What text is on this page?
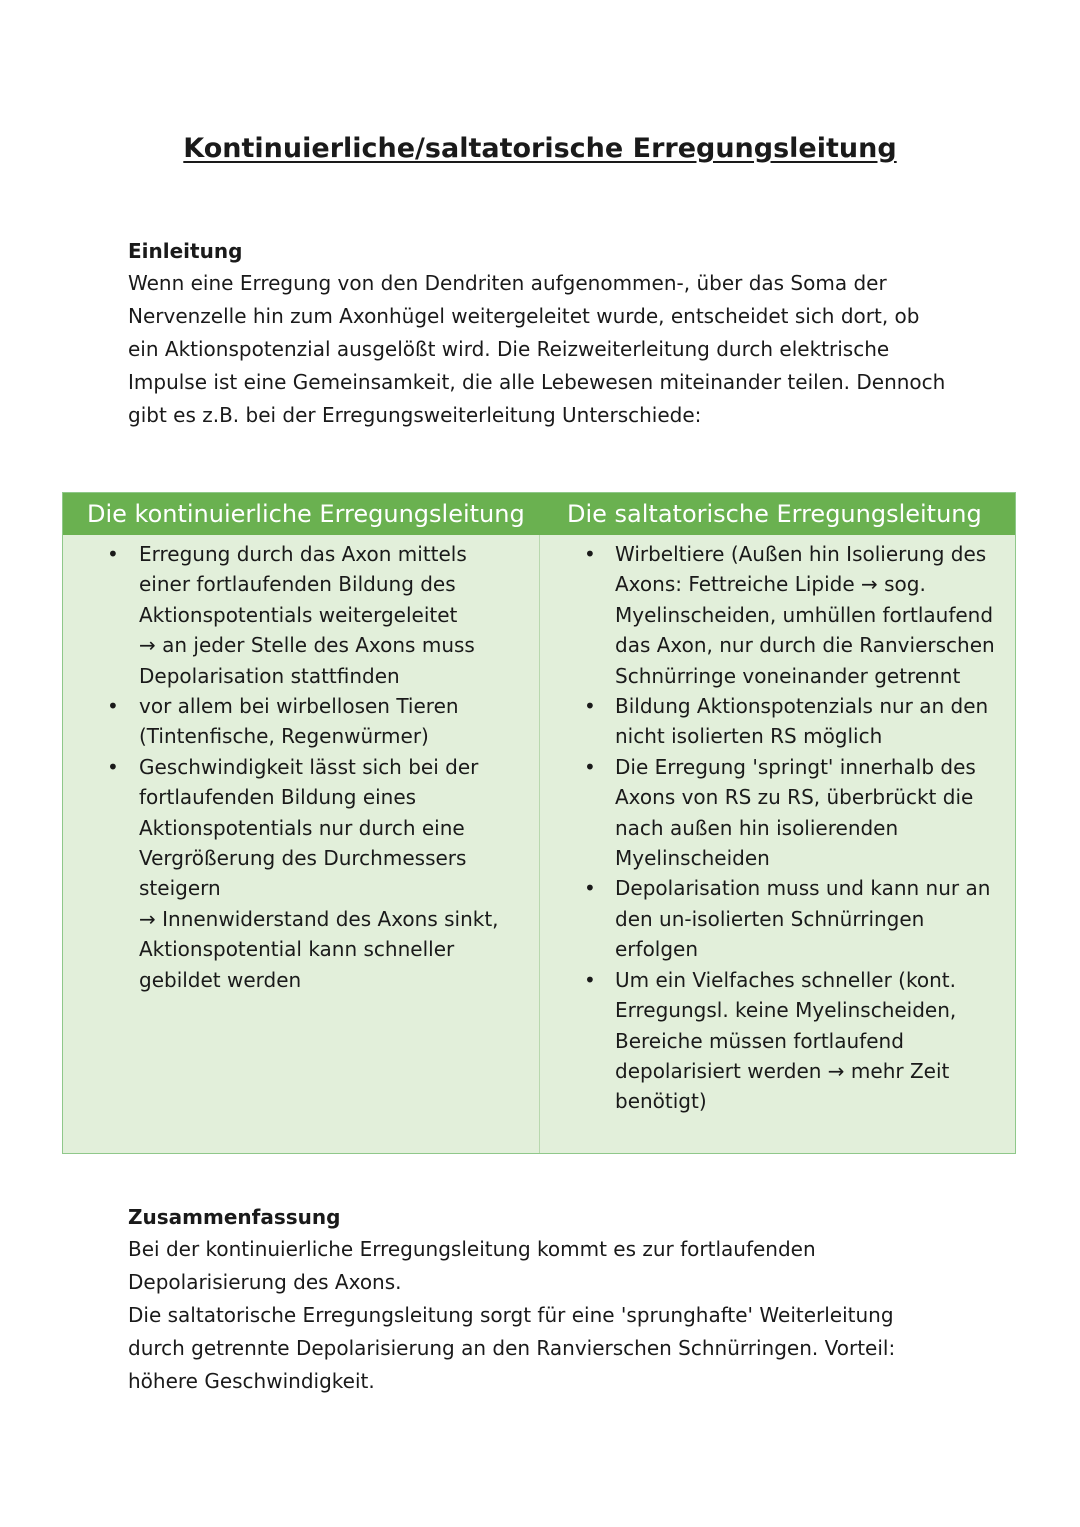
Kontinuierliche/saltatorische Erregungsleitung

Einleitung

Wenn eine Erregung von den Dendriten aufgenommen-, über das Soma der
Nervenzelle hin zum Axonhügel weitergeleitet wurde, entscheidet sich dort, ob
ein Aktionspotenzial ausgelößt wird. Die Reizweiterleitung durch elektrische
Impulse ist eine Gemeinsamkeit, die alle Lebewesen miteinander teilen. Dennoch
gibt es z.B. bei der Erregungsweiterleitung Unterschiede:

Die kontinuierliche Erregungsleitung	Die saltatorische Erregungsleitung
• Erregung durch das Axon mittels
einer fortlaufenden Bildung des
Aktionspotentials weitergeleitet
→ an jeder Stelle des Axons muss
Depolarisation stattfinden
• vor allem bei wirbellosen Tieren
(Tintenfische, Regenwürmer)
• Geschwindigkeit lässt sich bei der
fortlaufenden Bildung eines
Aktionspotentials nur durch eine
Vergrößerung des Durchmessers
steigern
→ Innenwiderstand des Axons sinkt,
Aktionspotential kann schneller
gebildet werden
• Wirbeltiere (Außen hin Isolierung des
Axons: Fettreiche Lipide → sog.
Myelinscheiden, umhüllen fortlaufend
das Axon, nur durch die Ranvierschen
Schnürringe voneinander getrennt
• Bildung Aktionspotenzials nur an den
nicht isolierten RS möglich
• Die Erregung 'springt' innerhalb des
Axons von RS zu RS, überbrückt die
nach außen hin isolierenden
Myelinscheiden
• Depolarisation muss und kann nur an
den un-isolierten Schnürringen
erfolgen
• Um ein Vielfaches schneller (kont.
Erregungsl. keine Myelinscheiden,
Bereiche müssen fortlaufend
depolarisiert werden → mehr Zeit
benötigt)

Zusammenfassung

Bei der kontinuierliche Erregungsleitung kommt es zur fortlaufenden
Depolarisierung des Axons.
Die saltatorische Erregungsleitung sorgt für eine 'sprunghafte' Weiterleitung
durch getrennte Depolarisierung an den Ranvierschen Schnürringen. Vorteil:
höhere Geschwindigkeit.
